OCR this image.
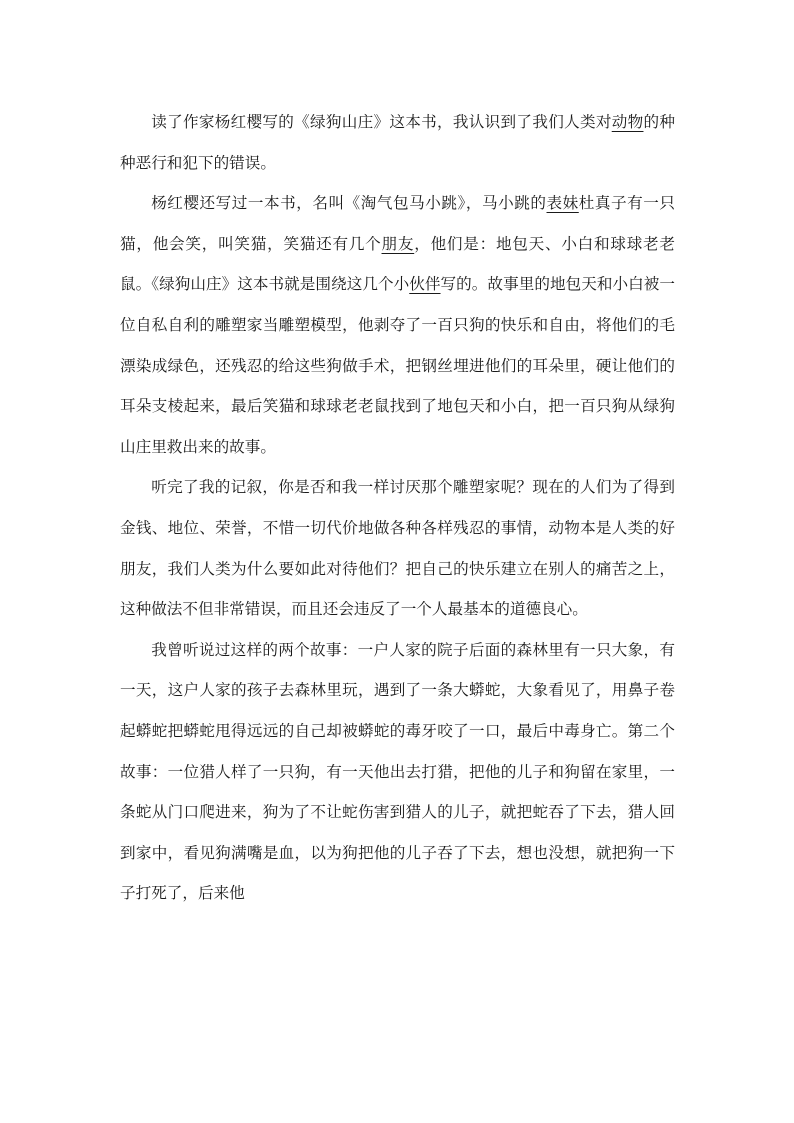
读了作家杨红樱写的《绿狗山庄》这本书，我认识到了我们人类对动物的种种恶行和犯下的错误。

杨红樱还写过一本书，名叫《淘气包马小跳》，马小跳的表妹杜真子有一只猫，他会笑，叫笑猫，笑猫还有几个朋友，他们是：地包天、小白和球球老老鼠。《绿狗山庄》这本书就是围绕这几个小伙伴写的。故事里的地包天和小白被一位自私自利的雕塑家当雕塑模型，他剥夺了一百只狗的快乐和自由，将他们的毛漂染成绿色，还残忍的给这些狗做手术，把钢丝埋进他们的耳朵里，硬让他们的耳朵支棱起来，最后笑猫和球球老老鼠找到了地包天和小白，把一百只狗从绿狗山庄里救出来的故事。

听完了我的记叙，你是否和我一样讨厌那个雕塑家呢？现在的人们为了得到金钱、地位、荣誉，不惜一切代价地做各种各样残忍的事情，动物本是人类的好朋友，我们人类为什么要如此对待他们？把自己的快乐建立在别人的痛苦之上，这种做法不但非常错误，而且还会违反了一个人最基本的道德良心。

我曾听说过这样的两个故事：一户人家的院子后面的森林里有一只大象，有一天，这户人家的孩子去森林里玩，遇到了一条大蟒蛇，大象看见了，用鼻子卷起蟒蛇把蟒蛇甩得远远的自己却被蟒蛇的毒牙咬了一口，最后中毒身亡。第二个故事：一位猎人样了一只狗，有一天他出去打猎，把他的儿子和狗留在家里，一条蛇从门口爬进来，狗为了不让蛇伤害到猎人的儿子，就把蛇吞了下去，猎人回到家中，看见狗满嘴是血，以为狗把他的儿子吞了下去，想也没想，就把狗一下子打死了，后来他
